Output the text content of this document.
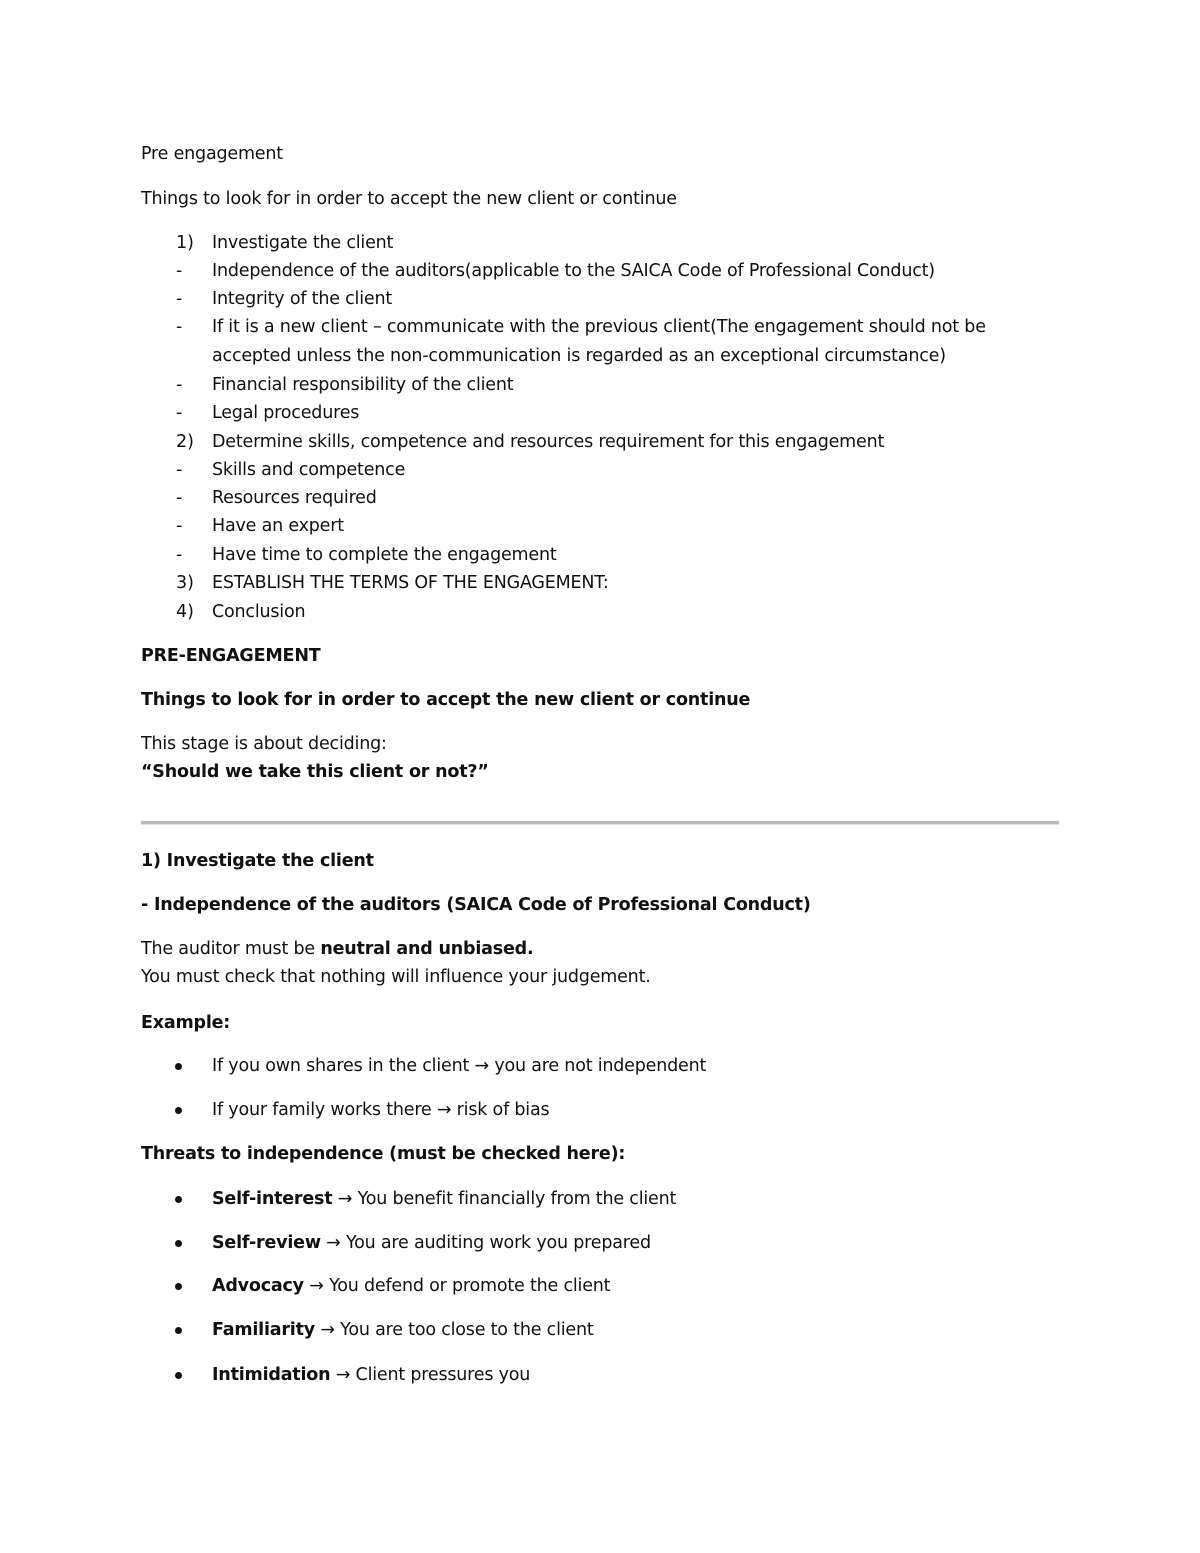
Pre engagement
Things to look for in order to accept the new client or continue
1) Investigate the client
- Independence of the auditors(applicable to the SAICA Code of Professional Conduct)
- Integrity of the client
- If it is a new client – communicate with the previous client(The engagement should not be
accepted unless the non-communication is regarded as an exceptional circumstance)
- Financial responsibility of the client
- Legal procedures
2) Determine skills, competence and resources requirement for this engagement
- Skills and competence
- Resources required
- Have an expert
- Have time to complete the engagement
3) ESTABLISH THE TERMS OF THE ENGAGEMENT:
4) Conclusion
PRE-ENGAGEMENT
Things to look for in order to accept the new client or continue
This stage is about deciding:
“Should we take this client or not?”
1) Investigate the client
- Independence of the auditors (SAICA Code of Professional Conduct)
The auditor must be neutral and unbiased.
You must check that nothing will influence your judgement.
Example:
If you own shares in the client → you are not independent
If your family works there → risk of bias
Threats to independence (must be checked here):
Self-interest → You benefit financially from the client
Self-review → You are auditing work you prepared
Advocacy → You defend or promote the client
Familiarity → You are too close to the client
Intimidation → Client pressures you
